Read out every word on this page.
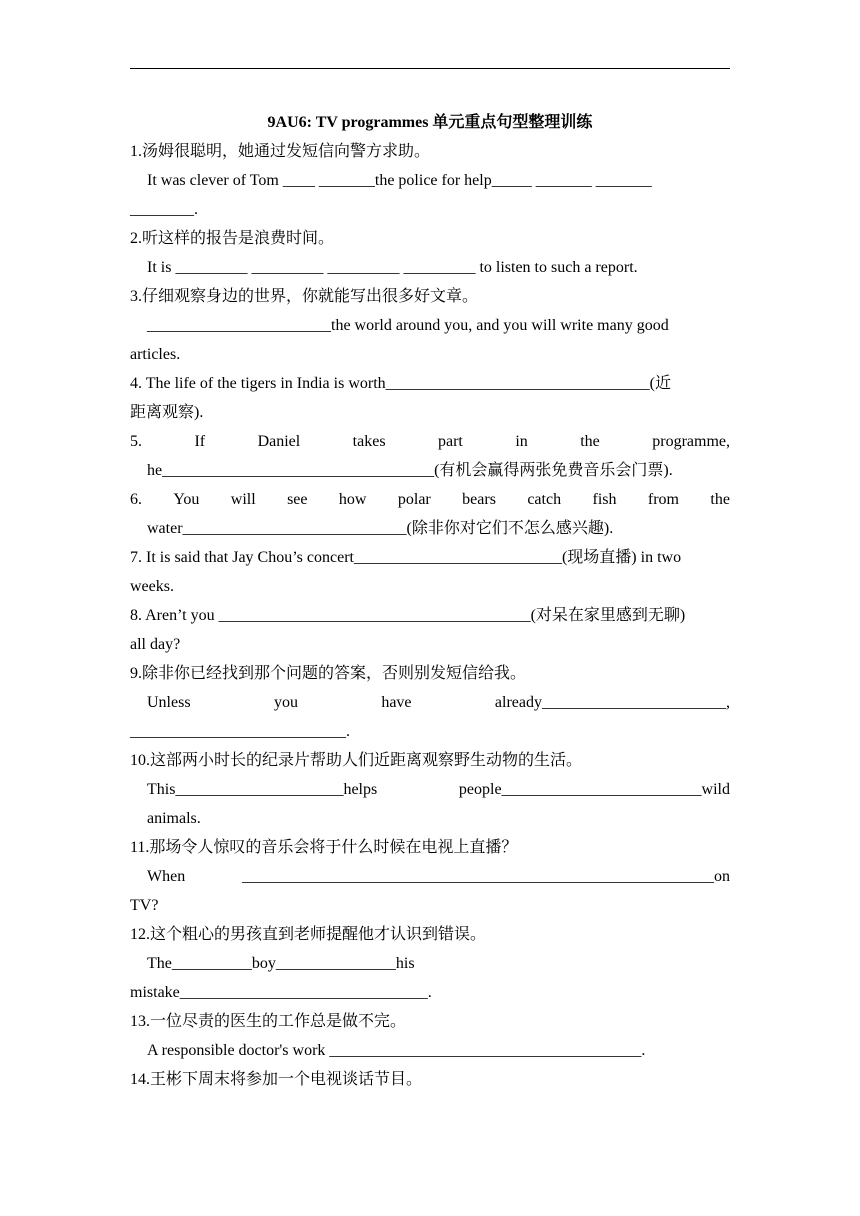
9AU6: TV programmes 单元重点句型整理训练
1.汤姆很聪明，她通过发短信向警方求助。
It was clever of Tom ____ _______the police for help_____ _______ _______
________.
2.听这样的报告是浪费时间。
It is _________ _________ _________ _________ to listen to such a report.
3.仔细观察身边的世界，你就能写出很多好文章。
_______________________the world around you, and you will write many good
articles.
4. The life of the tigers in India is worth_________________________________(近
距离观察).
5.	If	Daniel	takes	part	in	the	programme,
he__________________________________(有机会赢得两张免费音乐会门票).
6. You will see how polar bears catch fish from the
water____________________________(除非你对它们不怎么感兴趣).
7. It is said that Jay Chou’s concert__________________________(现场直播) in two
weeks.
8. Aren’t you _______________________________________(对呆在家里感到无聊)
all day?
9.除非你已经找到那个问题的答案，否则别发短信给我。
Unless	you	have	already_______________________,
___________________________.
10.这部两小时长的纪录片帮助人们近距离观察野生动物的生活。
This_____________________helps	people_________________________wild
animals.
11.那场令人惊叹的音乐会将于什么时候在电视上直播？
When	___________________________________________________________on
TV?
12.这个粗心的男孩直到老师提醒他才认识到错误。
The__________boy_______________his
mistake_______________________________.
13.一位尽责的医生的工作总是做不完。
A responsible doctor's work _______________________________________.
14.王彬下周末将参加一个电视谈话节目。
